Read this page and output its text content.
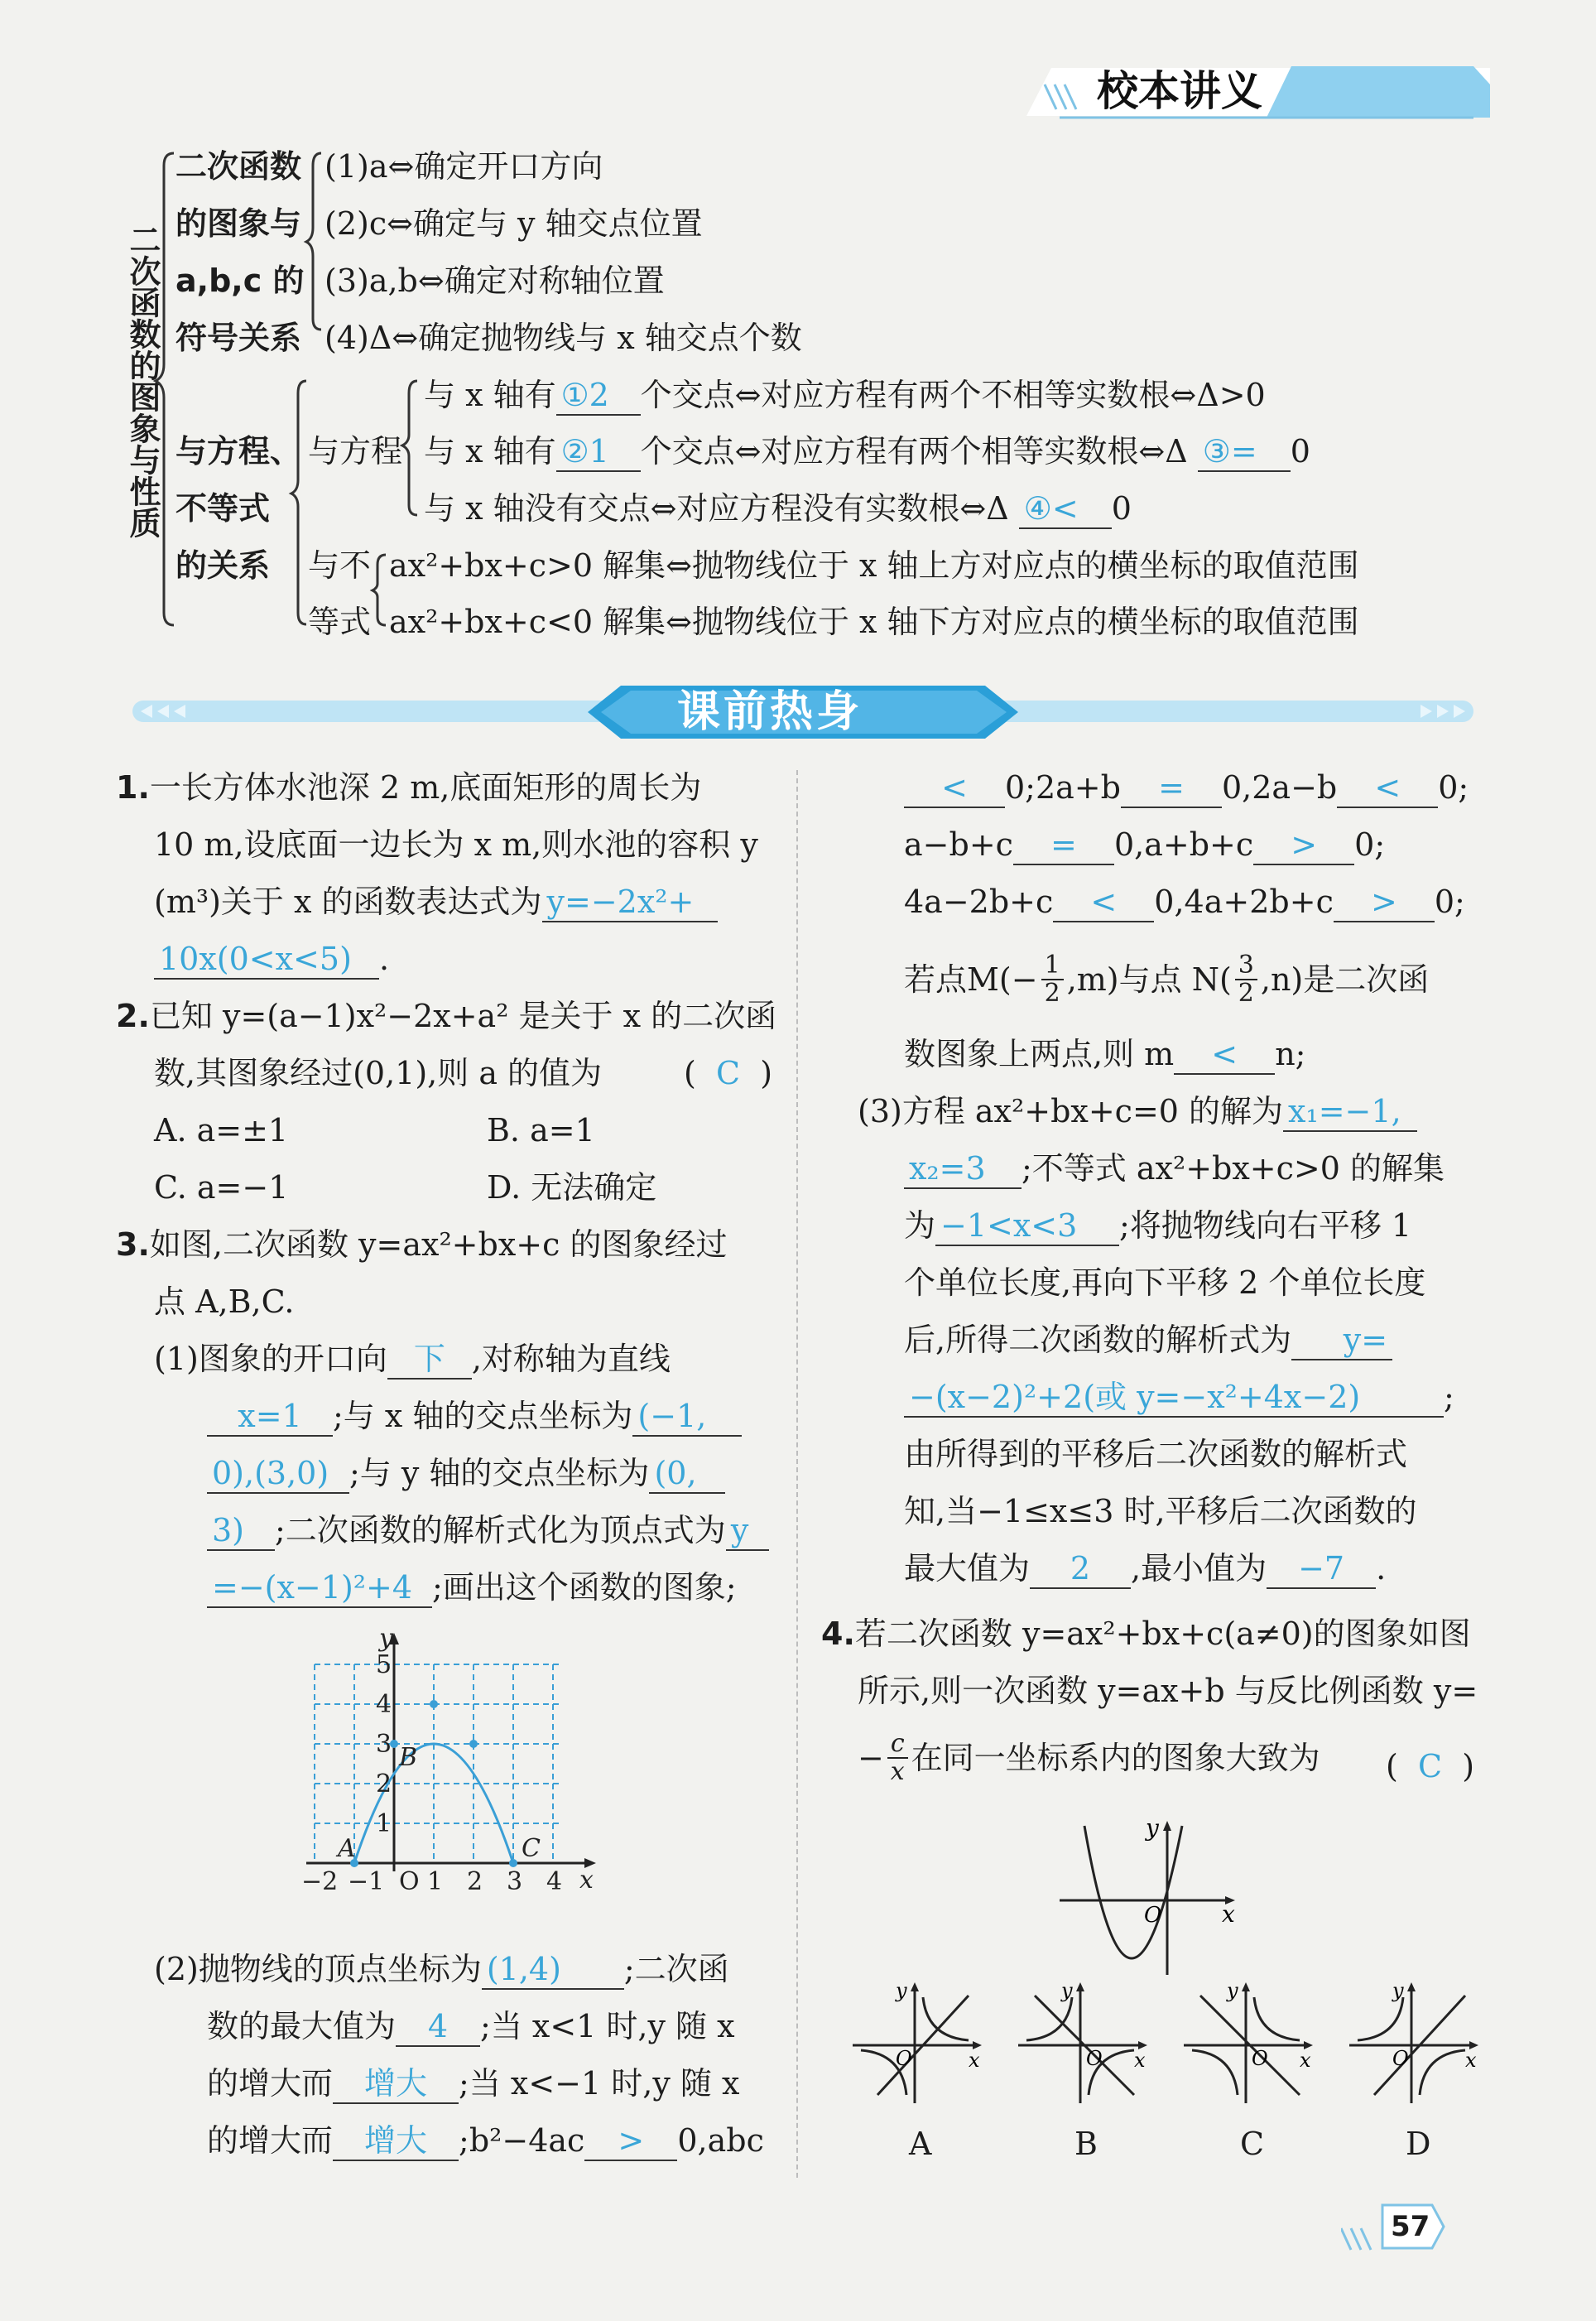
校本讲义
二次函数的图象与性质
二次函数
的图象与
a,b,c 的
符号关系
(1)a⇔确定开口方向
(2)c⇔确定与 y 轴交点位置
(3)a,b⇔确定对称轴位置
(4)Δ⇔确定抛物线与 x 轴交点个数
与方程、
不等式
的关系
与方程
与 x 轴有 ①2 个交点⇔对应方程有两个不相等实数根⇔Δ>0
与 x 轴有 ②1 个交点⇔对应方程有两个相等实数根⇔Δ ③= 0
与 x 轴没有交点⇔对应方程没有实数根⇔Δ ④< 0
与不
等式
ax²+bx+c>0 解集⇔抛物线位于 x 轴上方对应点的横坐标的取值范围
ax²+bx+c<0 解集⇔抛物线位于 x 轴下方对应点的横坐标的取值范围
课前热身
1.一长方体水池深 2 m,底面矩形的周长为
10 m,设底面一边长为 x m,则水池的容积 y
(m³)关于 x 的函数表达式为 y=−2x²+
10x(0<x<5) .
2.已知 y=(a−1)x²−2x+a² 是关于 x 的二次函
数,其图象经过(0,1),则 a 的值为	(  C  )
A. a=±1	B. a=1
C. a=−1	D. 无法确定
3.如图,二次函数 y=ax²+bx+c 的图象经过
点 A,B,C.
(1)图象的开口向 下 ,对称轴为直线
x=1 ;与 x 轴的交点坐标为 (−1,
0),(3,0) ;与 y 轴的交点坐标为 (0,
3) ;二次函数的解析式化为顶点式为 y
=−(x−1)²+4 ;画出这个函数的图象;
y
x
O
−2 −1 1 2 3 4
1
2
3
4
5
A
B
C
(2)抛物线的顶点坐标为 (1,4) ;二次函
数的最大值为 4 ;当 x<1 时,y 随 x
的增大而 增大 ;当 x<−1 时,y 随 x
的增大而 增大 ;b²−4ac > 0,abc
< 0;2a+b = 0,2a−b < 0;
a−b+c = 0,a+b+c > 0;
4a−2b+c < 0,4a+2b+c > 0;
若点$M( - \frac{1}{2} ,m)$与点 N( 3
2 ,n)是二次函
数图象上两点,则 m < n;
(3)方程 ax²+bx+c=0 的解为 x₁=−1,
x₂=3 ;不等式 ax²+bx+c>0 的解集
为 −1<x<3 ;将抛物线向右平移 1
个单位长度,再向下平移 2 个单位长度
后,所得二次函数的解析式为 y=
−(x−2)²+2(或 y=−x²+4x−2)	;
由所得到的平移后二次函数的解析式
知,当−1≤x≤3 时,平移后二次函数的
最大值为 2 ,最小值为 −7 .
4.若二次函数 y=ax²+bx+c(a≠0)的图象如图
所示,则一次函数 y=ax+b 与反比例函数 y=
− $\frac{c}{x}$ 在同一坐标系内的图象大致为 (  C  )
y
x
O
y
x
O
y
x
O
y
x
O
y
x
O
A	B	C	D
57
